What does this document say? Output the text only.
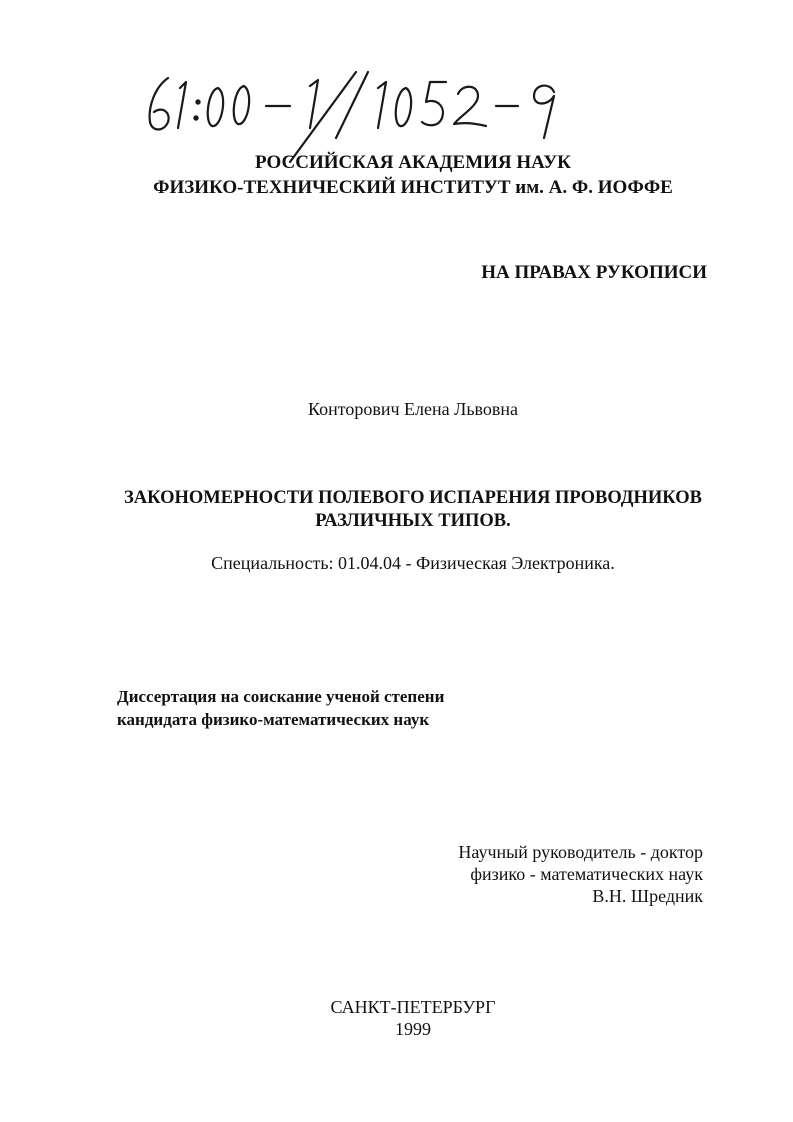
61:00-1/1052-9
РОССИЙСКАЯ АКАДЕМИЯ НАУК
ФИЗИКО-ТЕХНИЧЕСКИЙ ИНСТИТУТ им. А. Ф. ИОФФЕ
НА ПРАВАХ РУКОПИСИ
Конторович Елена Львовна
ЗАКОНОМЕРНОСТИ ПОЛЕВОГО ИСПАРЕНИЯ ПРОВОДНИКОВ
РАЗЛИЧНЫХ ТИПОВ.
Специальность: 01.04.04 - Физическая Электроника.
Диссертация на соискание ученой степени
кандидата физико-математических наук
Научный руководитель - доктор
физико - математических наук
В.Н. Шредник
САНКТ-ПЕТЕРБУРГ
1999
